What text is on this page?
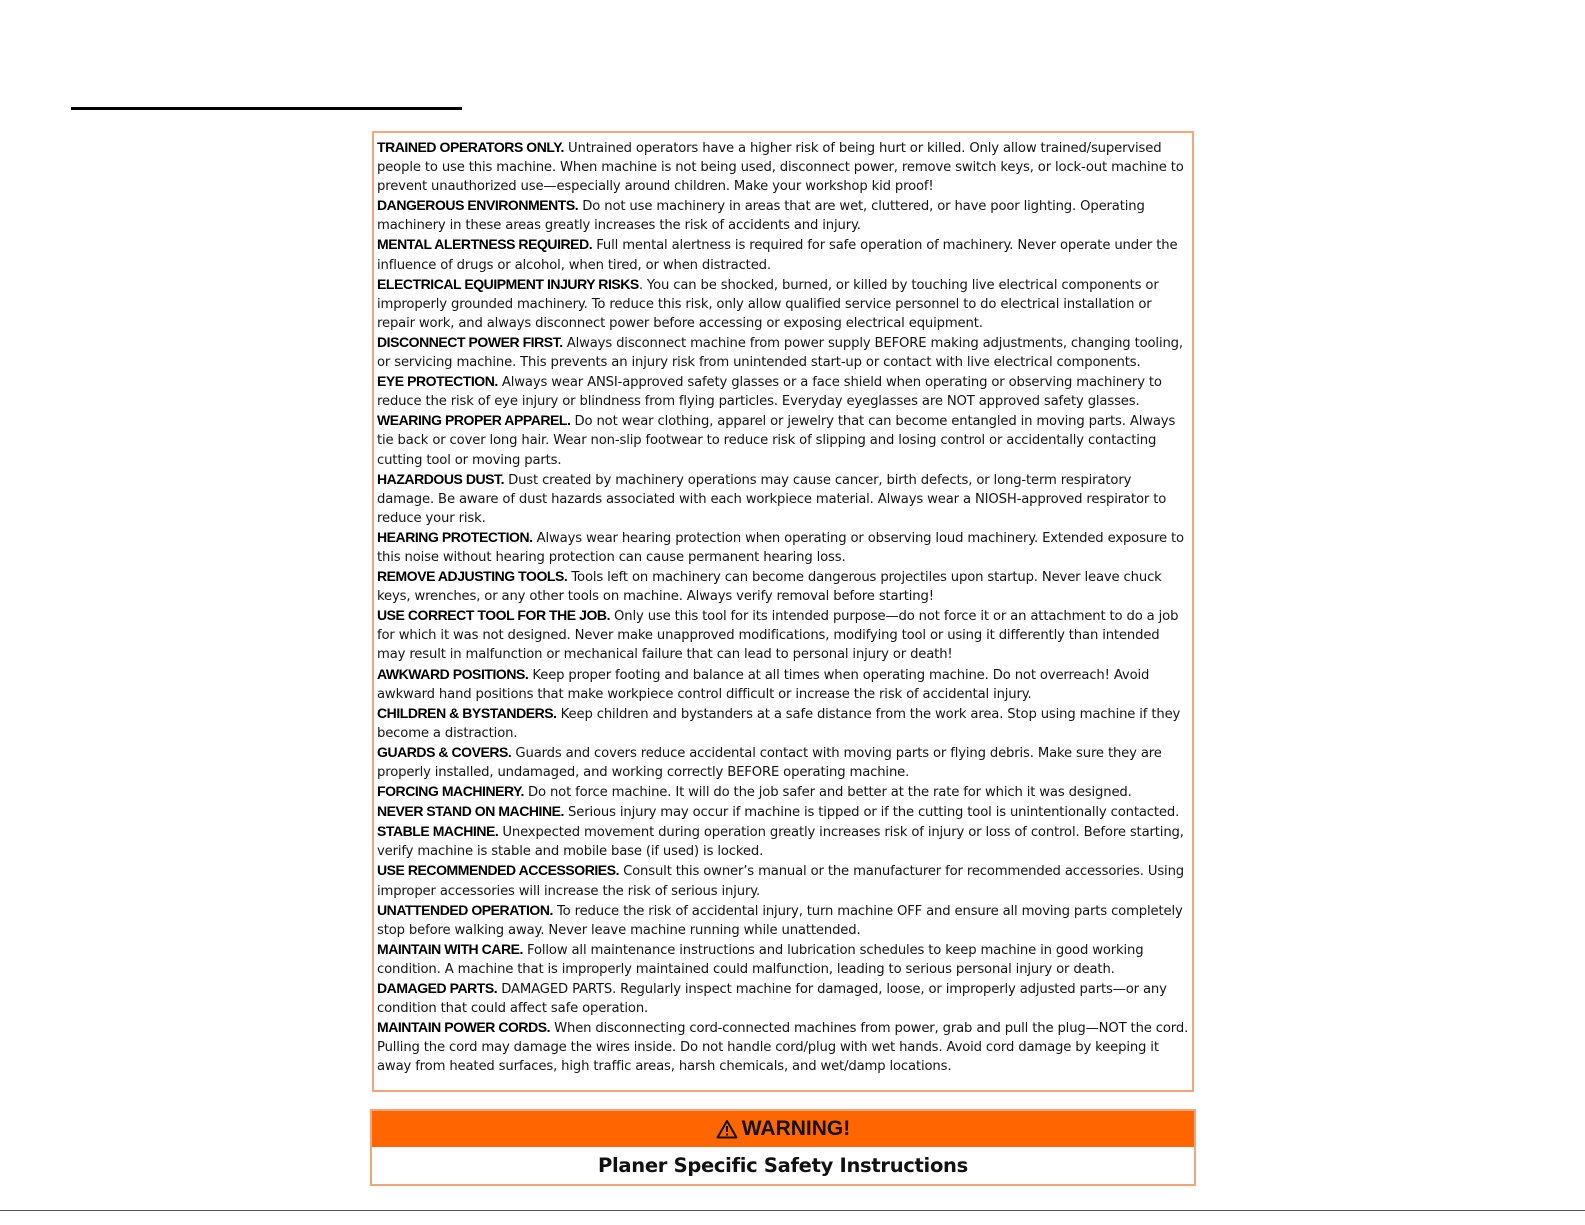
TRAINED OPERATORS ONLY. Untrained operators have a higher risk of being hurt or killed. Only allow trained/supervised people to use this machine. When machine is not being used, disconnect power, remove switch keys, or lock-out machine to prevent unauthorized use—especially around children. Make your workshop kid proof!

DANGEROUS ENVIRONMENTS. Do not use machinery in areas that are wet, cluttered, or have poor lighting. Operating machinery in these areas greatly increases the risk of accidents and injury.

MENTAL ALERTNESS REQUIRED. Full mental alertness is required for safe operation of machinery. Never operate under the influence of drugs or alcohol, when tired, or when distracted.

ELECTRICAL EQUIPMENT INJURY RISKS. You can be shocked, burned, or killed by touching live electrical components or improperly grounded machinery. To reduce this risk, only allow qualified service personnel to do electrical installation or repair work, and always disconnect power before accessing or exposing electrical equipment.

DISCONNECT POWER FIRST. Always disconnect machine from power supply BEFORE making adjustments, changing tooling, or servicing machine. This prevents an injury risk from unintended start-up or contact with live electrical components.

EYE PROTECTION. Always wear ANSI-approved safety glasses or a face shield when operating or observing machinery to reduce the risk of eye injury or blindness from flying particles. Everyday eyeglasses are NOT approved safety glasses.

WEARING PROPER APPAREL. Do not wear clothing, apparel or jewelry that can become entangled in moving parts. Always tie back or cover long hair. Wear non-slip footwear to reduce risk of slipping and losing control or accidentally contacting cutting tool or moving parts.

HAZARDOUS DUST. Dust created by machinery operations may cause cancer, birth defects, or long-term respiratory damage. Be aware of dust hazards associated with each workpiece material. Always wear a NIOSH-approved respirator to reduce your risk.

HEARING PROTECTION. Always wear hearing protection when operating or observing loud machinery. Extended exposure to this noise without hearing protection can cause permanent hearing loss.

REMOVE ADJUSTING TOOLS. Tools left on machinery can become dangerous projectiles upon startup. Never leave chuck keys, wrenches, or any other tools on machine. Always verify removal before starting!

USE CORRECT TOOL FOR THE JOB. Only use this tool for its intended purpose—do not force it or an attachment to do a job for which it was not designed. Never make unapproved modifications, modifying tool or using it differently than intended may result in malfunction or mechanical failure that can lead to personal injury or death!

AWKWARD POSITIONS. Keep proper footing and balance at all times when operating machine. Do not overreach! Avoid awkward hand positions that make workpiece control difficult or increase the risk of accidental injury.

CHILDREN & BYSTANDERS. Keep children and bystanders at a safe distance from the work area. Stop using machine if they become a distraction.

GUARDS & COVERS. Guards and covers reduce accidental contact with moving parts or flying debris. Make sure they are properly installed, undamaged, and working correctly BEFORE operating machine.

FORCING MACHINERY. Do not force machine. It will do the job safer and better at the rate for which it was designed.

NEVER STAND ON MACHINE. Serious injury may occur if machine is tipped or if the cutting tool is unintentionally contacted.

STABLE MACHINE. Unexpected movement during operation greatly increases risk of injury or loss of control. Before starting, verify machine is stable and mobile base (if used) is locked.

USE RECOMMENDED ACCESSORIES. Consult this owner’s manual or the manufacturer for recommended accessories. Using improper accessories will increase the risk of serious injury.

UNATTENDED OPERATION. To reduce the risk of accidental injury, turn machine OFF and ensure all moving parts completely stop before walking away. Never leave machine running while unattended.

MAINTAIN WITH CARE. Follow all maintenance instructions and lubrication schedules to keep machine in good working condition. A machine that is improperly maintained could malfunction, leading to serious personal injury or death.

DAMAGED PARTS. DAMAGED PARTS. Regularly inspect machine for damaged, loose, or improperly adjusted parts—or any condition that could affect safe operation.

MAINTAIN POWER CORDS. When disconnecting cord-connected machines from power, grab and pull the plug—NOT the cord. Pulling the cord may damage the wires inside. Do not handle cord/plug with wet hands. Avoid cord damage by keeping it away from heated surfaces, high traffic areas, harsh chemicals, and wet/damp locations.

WARNING!
Planer Specific Safety Instructions
